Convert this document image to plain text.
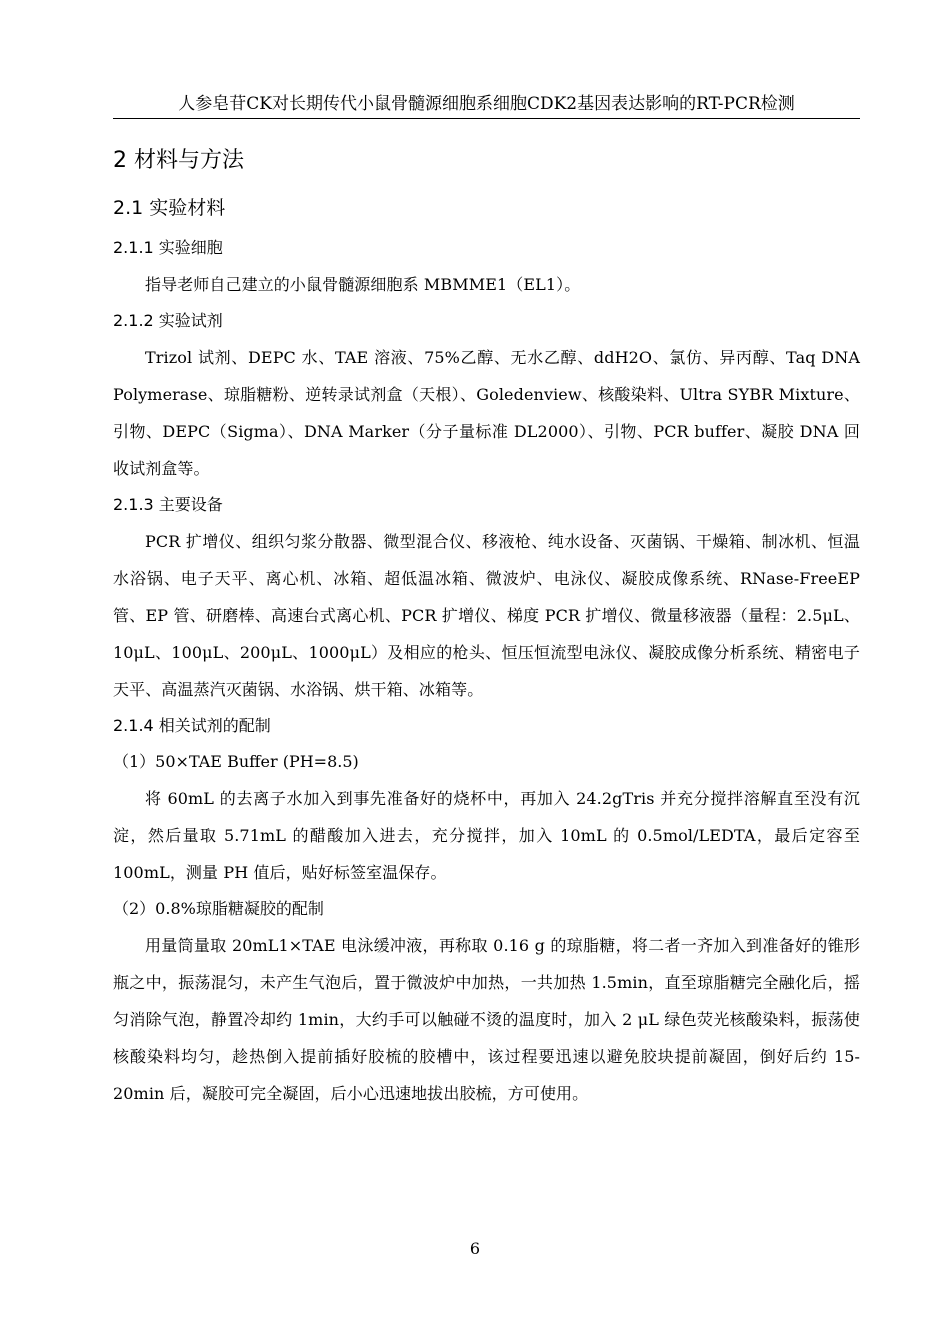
人参皂苷CK对长期传代小鼠骨髓源细胞系细胞CDK2基因表达影响的RT-PCR检测
2 材料与方法
2.1 实验材料
2.1.1 实验细胞

指导老师自己建立的小鼠骨髓源细胞系 MBMME1（EL1）。

2.1.2 实验试剂

Trizol 试剂、DEPC 水、TAE 溶液、75%乙醇、无水乙醇、ddH2O、氯仿、异丙醇、Taq DNA Polymerase、琼脂糖粉、逆转录试剂盒（天根）、Goledenview、核酸染料、Ultra SYBR Mixture、引物、DEPC（Sigma）、DNA Marker（分子量标准 DL2000）、引物、PCR buffer、凝胶 DNA 回收试剂盒等。

2.1.3 主要设备

PCR 扩增仪、组织匀浆分散器、微型混合仪、移液枪、纯水设备、灭菌锅、干燥箱、制冰机、恒温水浴锅、电子天平、离心机、冰箱、超低温冰箱、微波炉、电泳仪、凝胶成像系统、RNase-FreeEP 管、EP 管、研磨棒、高速台式离心机、PCR 扩增仪、梯度 PCR 扩增仪、微量移液器（量程：2.5μL、10μL、100μL、200μL、1000μL）及相应的枪头、恒压恒流型电泳仪、凝胶成像分析系统、精密电子天平、高温蒸汽灭菌锅、水浴锅、烘干箱、冰箱等。

2.1.4 相关试剂的配制
（1）50×TAE Buffer (PH=8.5)

将 60mL 的去离子水加入到事先准备好的烧杯中，再加入 24.2gTris 并充分搅拌溶解直至没有沉淀，然后量取 5.71mL 的醋酸加入进去，充分搅拌，加入 10mL 的 0.5mol/LEDTA，最后定容至 100mL，测量 PH 值后，贴好标签室温保存。

（2）0.8%琼脂糖凝胶的配制

用量筒量取 20mL1×TAE 电泳缓冲液，再称取 0.16 g 的琼脂糖，将二者一齐加入到准备好的锥形瓶之中，振荡混匀，未产生气泡后，置于微波炉中加热，一共加热 1.5min，直至琼脂糖完全融化后，摇匀消除气泡，静置冷却约 1min，大约手可以触碰不烫的温度时，加入 2 μL 绿色荧光核酸染料，振荡使核酸染料均匀，趁热倒入提前插好胶梳的胶槽中，该过程要迅速以避免胶块提前凝固，倒好后约 15-20min 后，凝胶可完全凝固，后小心迅速地拔出胶梳，方可使用。

6
